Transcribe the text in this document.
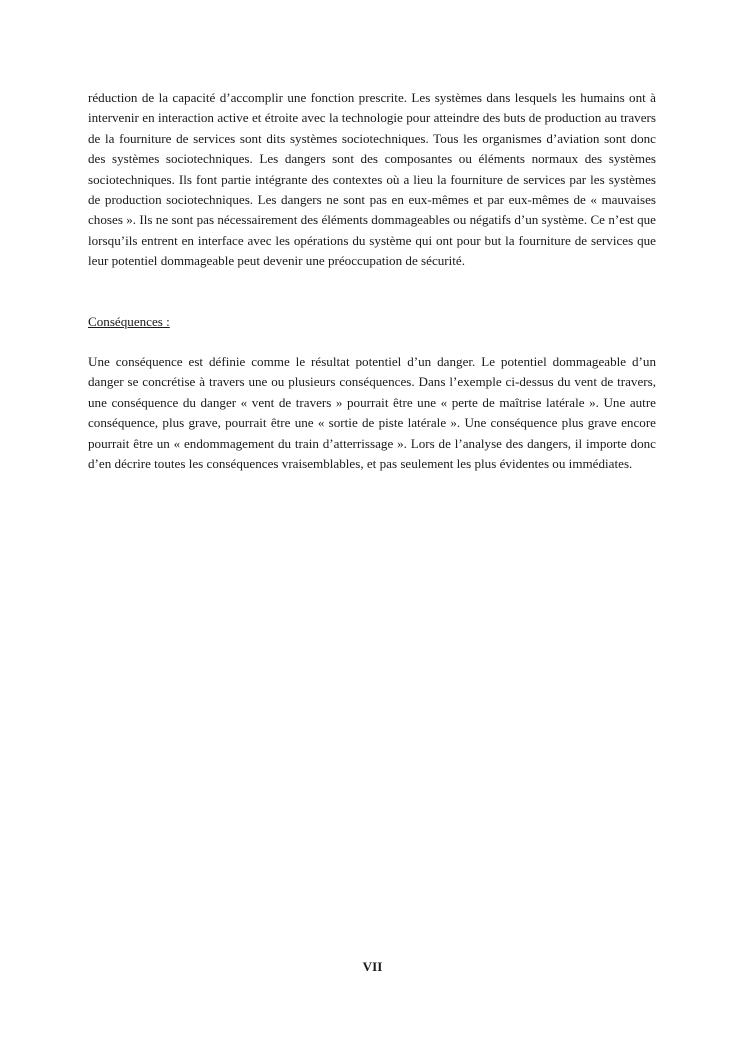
réduction de la capacité d’accomplir une fonction prescrite. Les systèmes dans lesquels les humains ont à intervenir en interaction active et étroite avec la technologie pour atteindre des buts de production au travers de la fourniture de services sont dits systèmes sociotechniques. Tous les organismes d’aviation sont donc des systèmes sociotechniques. Les dangers sont des composantes ou éléments normaux des systèmes sociotechniques. Ils font partie intégrante des contextes où a lieu la fourniture de services par les systèmes de production sociotechniques. Les dangers ne sont pas en eux-mêmes et par eux-mêmes de « mauvaises choses ». Ils ne sont pas nécessairement des éléments dommageables ou négatifs d’un système. Ce n’est que lorsqu’ils entrent en interface avec les opérations du système qui ont pour but la fourniture de services que leur potentiel dommageable peut devenir une préoccupation de sécurité.

Conséquences :

Une conséquence est définie comme le résultat potentiel d’un danger. Le potentiel dommageable d’un danger se concrétise à travers une ou plusieurs conséquences. Dans l’exemple ci-dessus du vent de travers, une conséquence du danger « vent de travers » pourrait être une « perte de maîtrise latérale ». Une autre conséquence, plus grave, pourrait être une « sortie de piste latérale ». Une conséquence plus grave encore pourrait être un « endommagement du train d’atterrissage ». Lors de l’analyse des dangers, il importe donc d’en décrire toutes les conséquences vraisemblables, et pas seulement les plus évidentes ou immédiates.

VII
